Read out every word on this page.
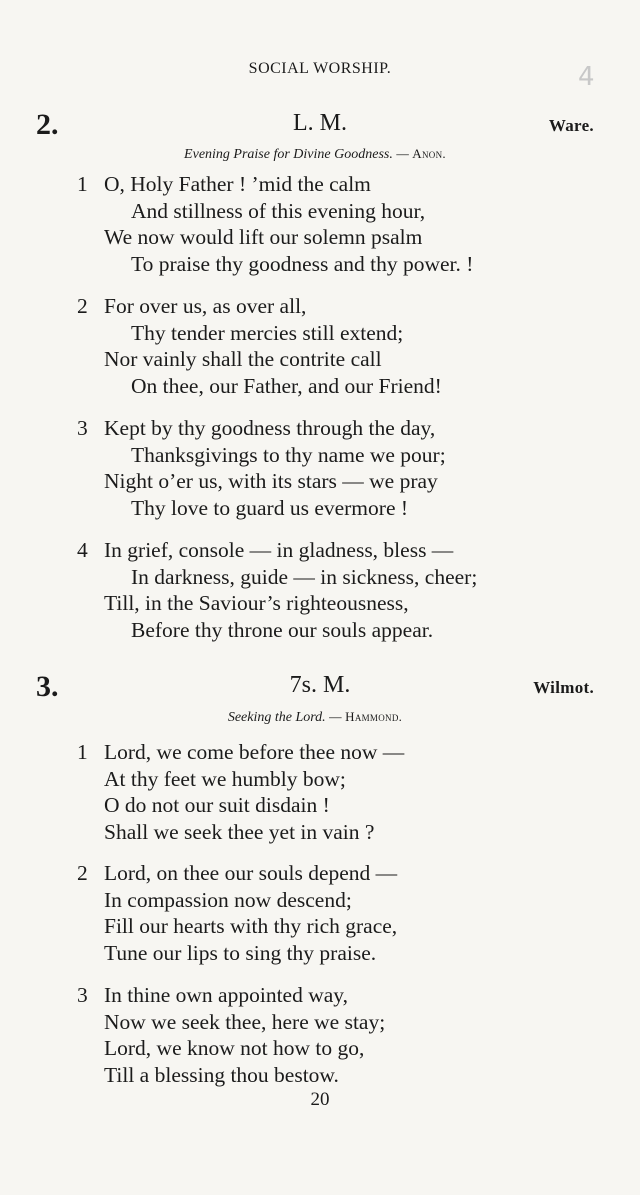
SOCIAL WORSHIP.	4
2.	L. M.	Ware.
Evening Praise for Divine Goodness. — Anon.
1 O, Holy Father ! ’mid the calm
And stillness of this evening hour,
We now would lift our solemn psalm
To praise thy goodness and thy power. !
2 For over us, as over all,
Thy tender mercies still extend;
Nor vainly shall the contrite call
On thee, our Father, and our Friend!
3 Kept by thy goodness through the day,
Thanksgivings to thy name we pour;
Night o’er us, with its stars — we pray
Thy love to guard us evermore !
4 In grief, console — in gladness, bless —
In darkness, guide — in sickness, cheer;
Till, in the Saviour’s righteousness,
Before thy throne our souls appear.
3.	7s. M.	Wilmot.
Seeking the Lord. — Hammond.
1 Lord, we come before thee now —
At thy feet we humbly bow;
O do not our suit disdain !
Shall we seek thee yet in vain ?
2 Lord, on thee our souls depend —
In compassion now descend;
Fill our hearts with thy rich grace,
Tune our lips to sing thy praise.
3 In thine own appointed way,
Now we seek thee, here we stay;
Lord, we know not how to go,
Till a blessing thou bestow.
20
